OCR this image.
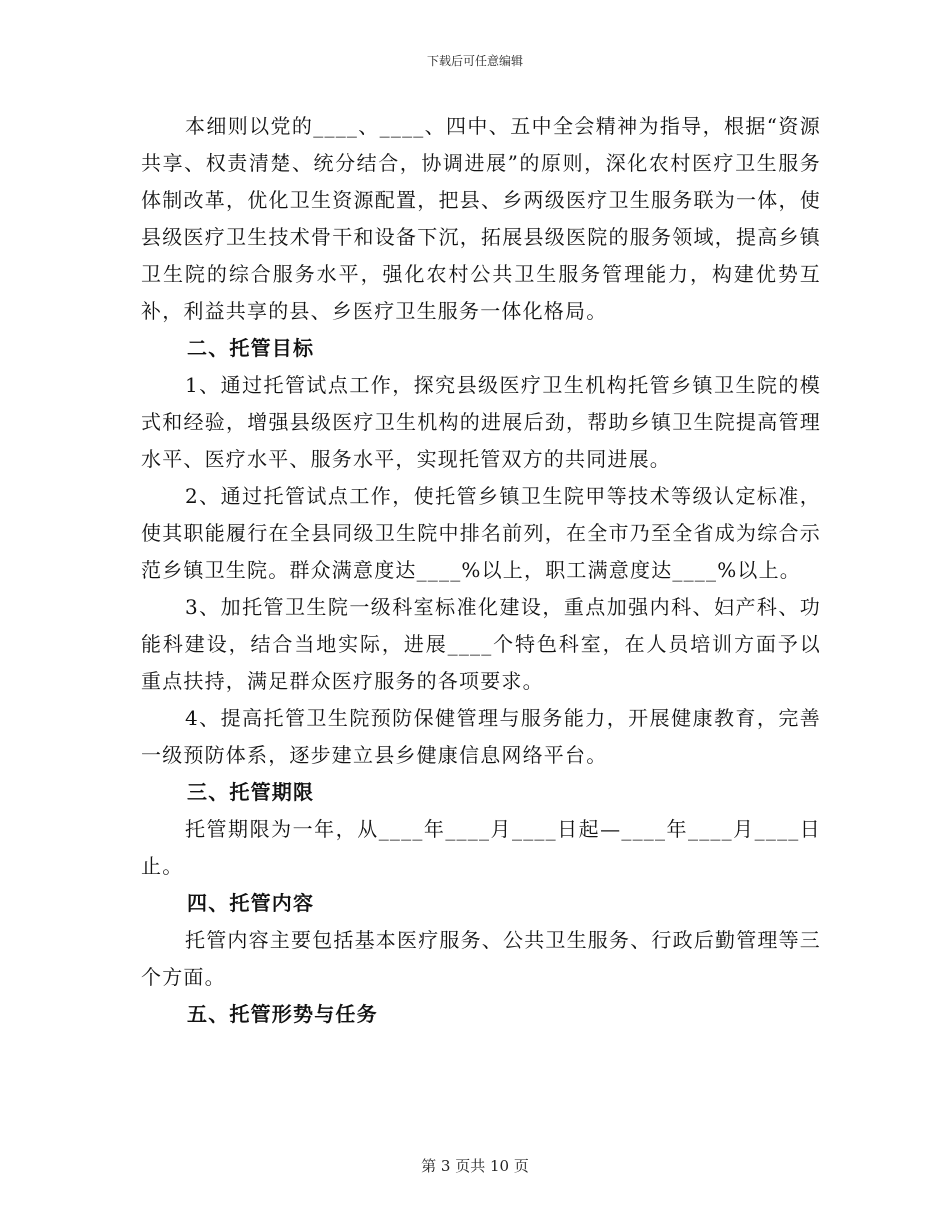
下载后可任意编辑

本细则以党的____、____、四中、五中全会精神为指导，根据“资源共享、权责清楚、统分结合，协调进展”的原则，深化农村医疗卫生服务体制改革，优化卫生资源配置，把县、乡两级医疗卫生服务联为一体，使县级医疗卫生技术骨干和设备下沉，拓展县级医院的服务领域，提高乡镇卫生院的综合服务水平，强化农村公共卫生服务管理能力，构建优势互补，利益共享的县、乡医疗卫生服务一体化格局。

二、托管目标

1、通过托管试点工作，探究县级医疗卫生机构托管乡镇卫生院的模式和经验，增强县级医疗卫生机构的进展后劲，帮助乡镇卫生院提高管理水平、医疗水平、服务水平，实现托管双方的共同进展。

2、通过托管试点工作，使托管乡镇卫生院甲等技术等级认定标准，使其职能履行在全县同级卫生院中排名前列，在全市乃至全省成为综合示范乡镇卫生院。群众满意度达____%以上，职工满意度达____%以上。

3、加托管卫生院一级科室标准化建设，重点加强内科、妇产科、功能科建设，结合当地实际，进展____个特色科室，在人员培训方面予以重点扶持，满足群众医疗服务的各项要求。

4、提高托管卫生院预防保健管理与服务能力，开展健康教育，完善一级预防体系，逐步建立县乡健康信息网络平台。

三、托管期限

托管期限为一年，从____年____月____日起—____年____月____日止。

四、托管内容

托管内容主要包括基本医疗服务、公共卫生服务、行政后勤管理等三个方面。

五、托管形势与任务

第 3 页共 10 页
